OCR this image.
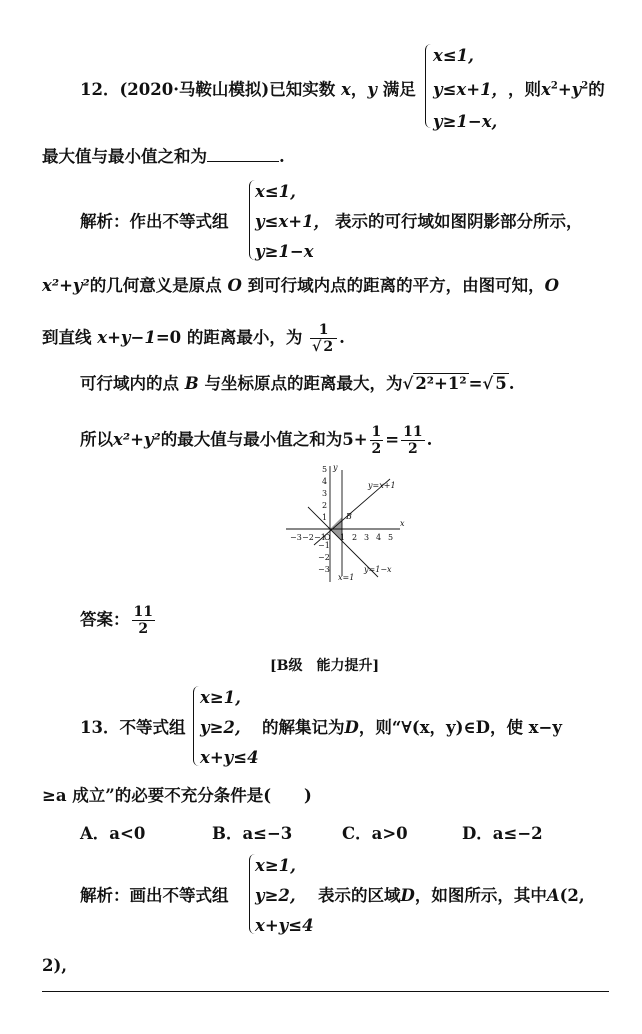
12．(2020·马鞍山模拟)已知实数 x，y 满足
x≤1,
y≤x+1，
y≥1−x,
，则$x^2+y^2$的
最大值与最小值之和为	.
解析：作出不等式组
x≤1,
y≤x+1，
y≥1−x
表示的可行域如图阴影部分所示，
x²+y²的几何意义是原点 O 到可行域内点的距离的平方，由图可知，O
到直线 x+y−1=0 的距离最小，为 $\frac{1}{√ 2}$ .
可行域内的点 B 与坐标原点的距离最大，为√ 2²+1² =√ 5 .
所以x²+y²的最大值与最小值之和为$5+ \frac{1}{2} = \frac{11}{2}$ .
−3 −2 −1
O 1 2 3 4 5
5
4
3
2
1
−1
−2
−3
x
y
y=x+1
y=1−x
x=1
B
答案： $\frac{11}{2}$
[B级　能力提升]
13．不等式组
x≥1,
y≥2,
x+y≤4
的解集记为D，则“∀(x，y)∈D，使 x−y
≥a 成立”的必要不充分条件是(　　)
A．a<0	B．a≤−3	C．a>0	D．a≤−2
解析：画出不等式组
x≥1,
y≥2,
x+y≤4
表示的区域D，如图所示，其中A(2,
2),
